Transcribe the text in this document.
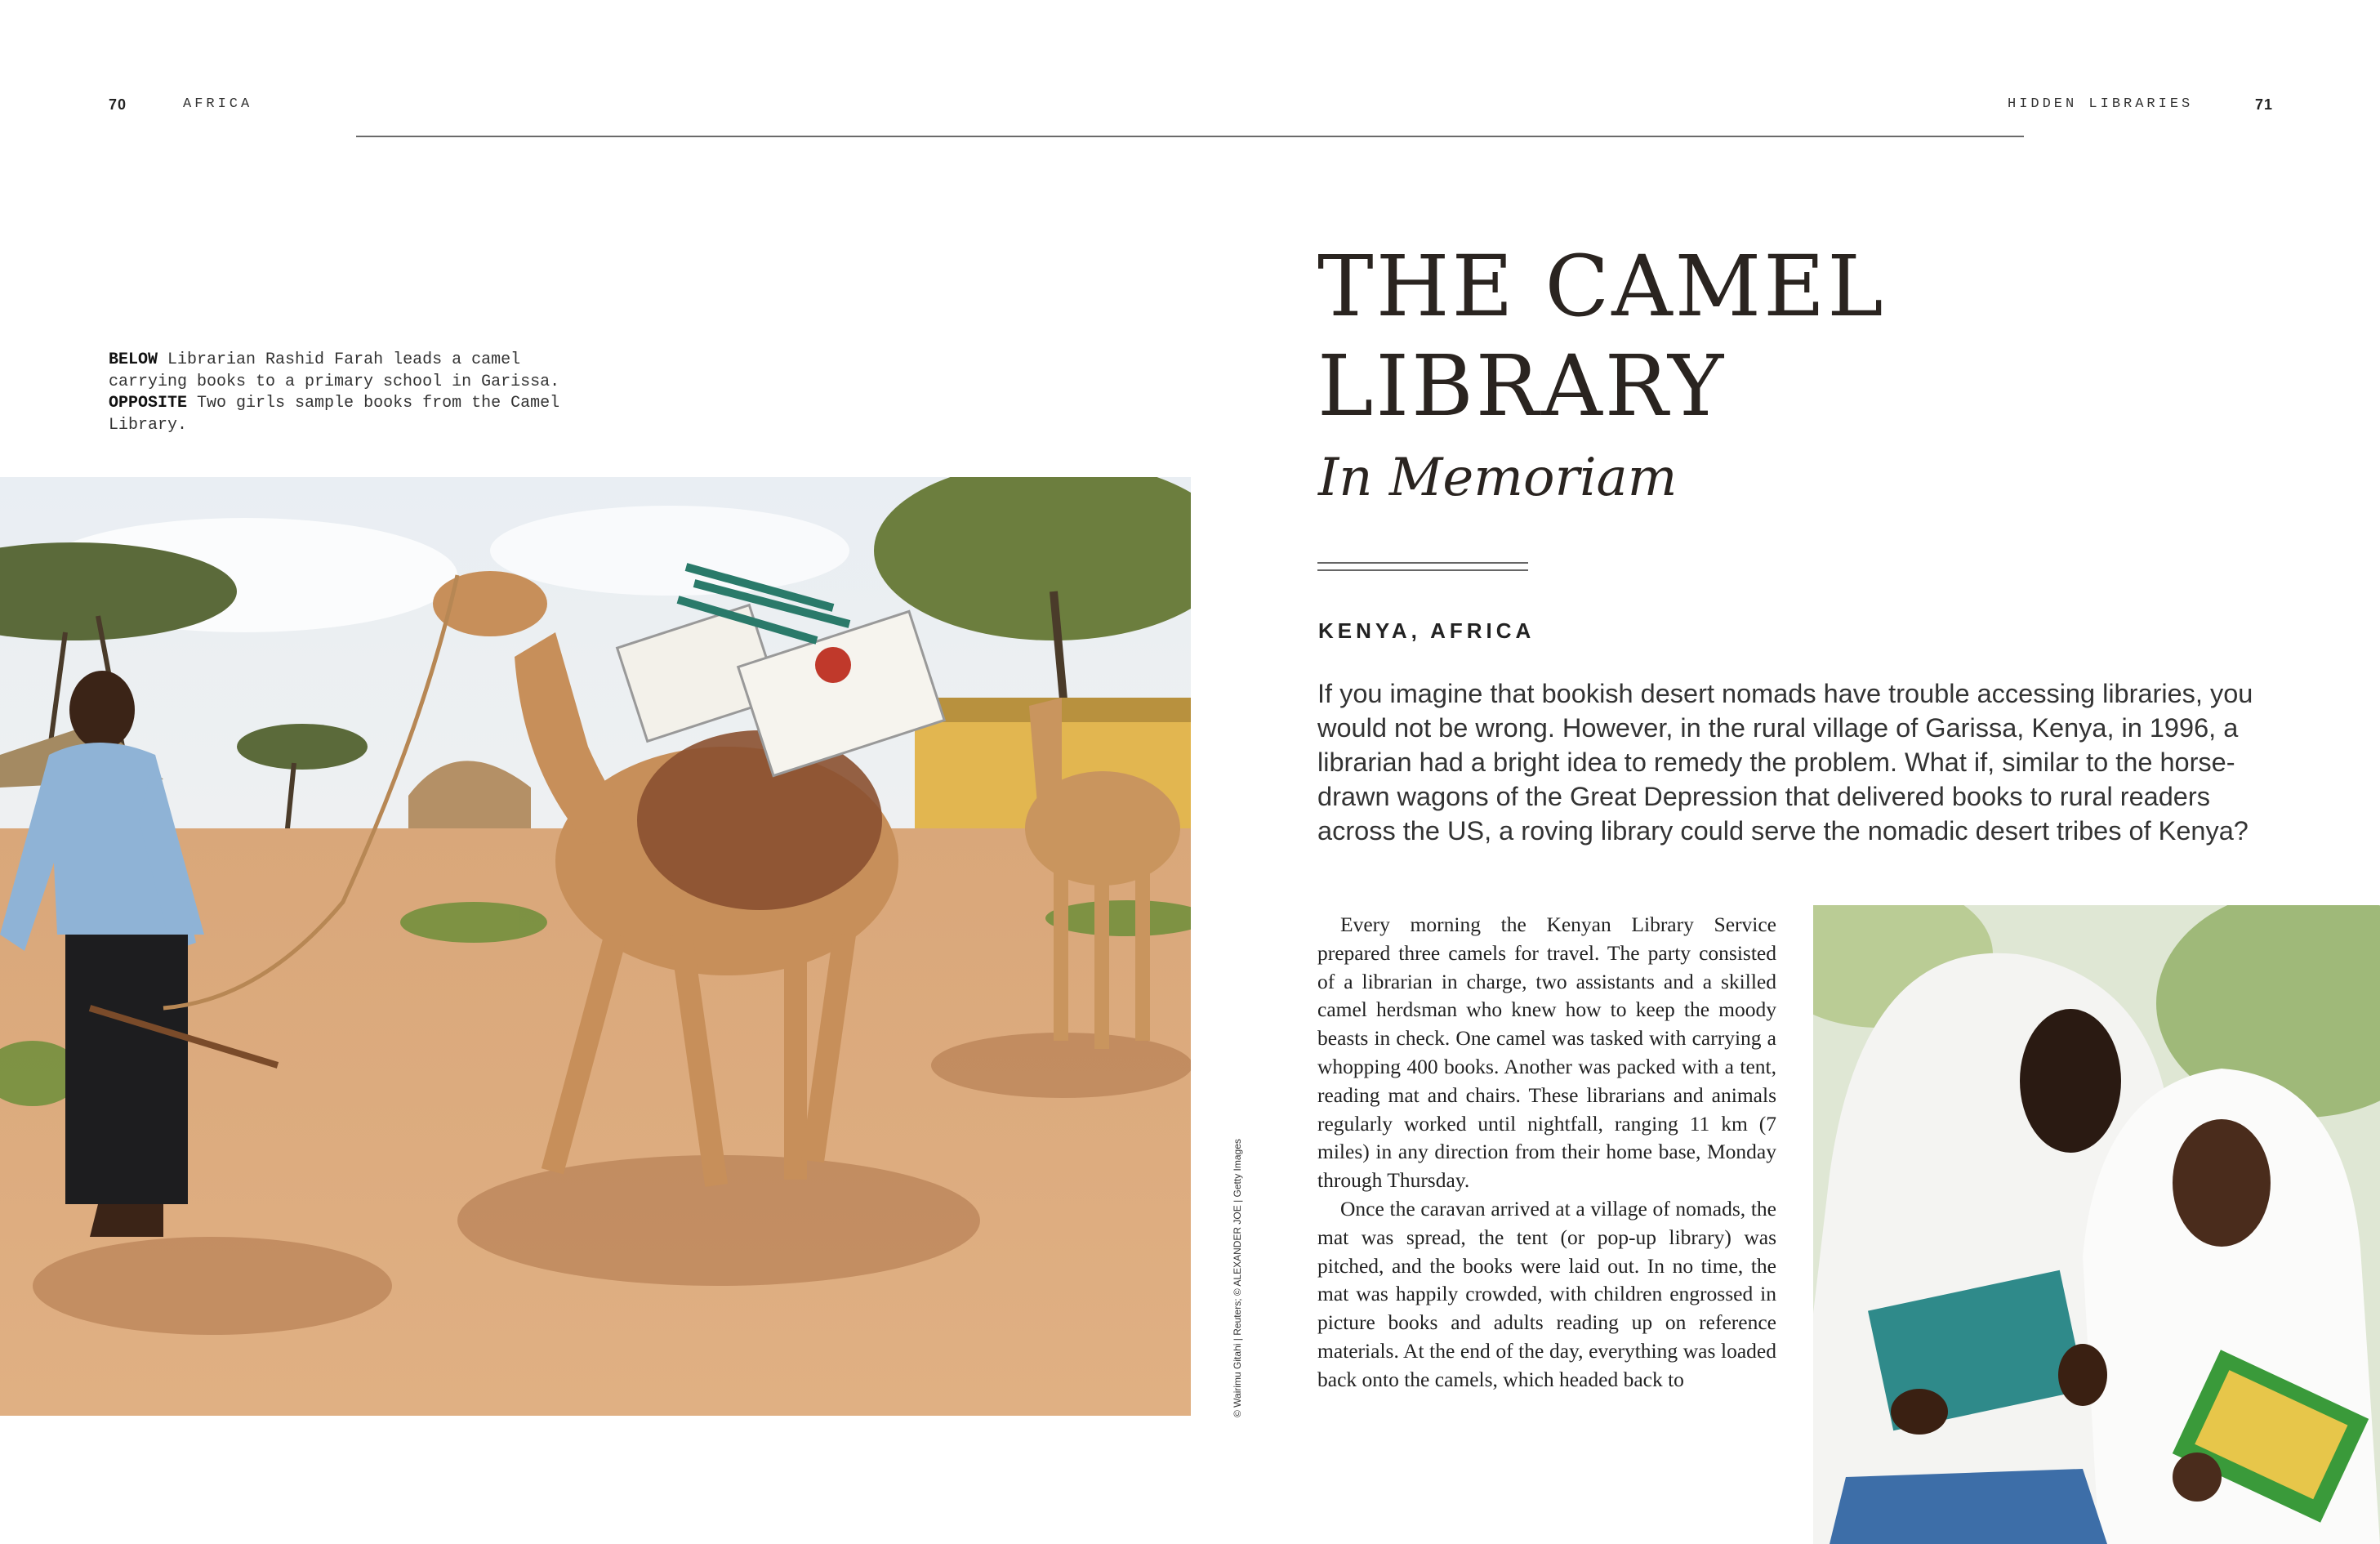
70	AFRICA	HIDDEN LIBRARIES	71
BELOW Librarian Rashid Farah leads a camel carrying books to a primary school in Garissa. OPPOSITE Two girls sample books from the Camel Library.
© Wairimu Gitahi | Reuters; © ALEXANDER JOE | Getty Images
THE CAMEL
LIBRARY
In Memoriam
KENYA, AFRICA
If you imagine that bookish desert nomads have trouble accessing libraries, you would not be wrong. However, in the rural village of Garissa, Kenya, in 1996, a librarian had a bright idea to remedy the problem. What if, similar to the horse-drawn wagons of the Great Depression that delivered books to rural readers across the US, a roving library could serve the nomadic desert tribes of Kenya?

Every morning the Kenyan Library Service prepared three camels for travel. The party consisted of a librarian in charge, two assistants and a skilled camel herdsman who knew how to keep the moody beasts in check. One camel was tasked with carrying a whopping 400 books. Another was packed with a tent, reading mat and chairs. These librarians and animals regularly worked until nightfall, ranging 11 km (7 miles) in any direction from their home base, Monday through Thursday.

Once the caravan arrived at a village of nomads, the mat was spread, the tent (or pop-up library) was pitched, and the books were laid out. In no time, the mat was happily crowded, with children engrossed in picture books and adults reading up on reference materials. At the end of the day, everything was loaded back onto the camels, which headed back to
